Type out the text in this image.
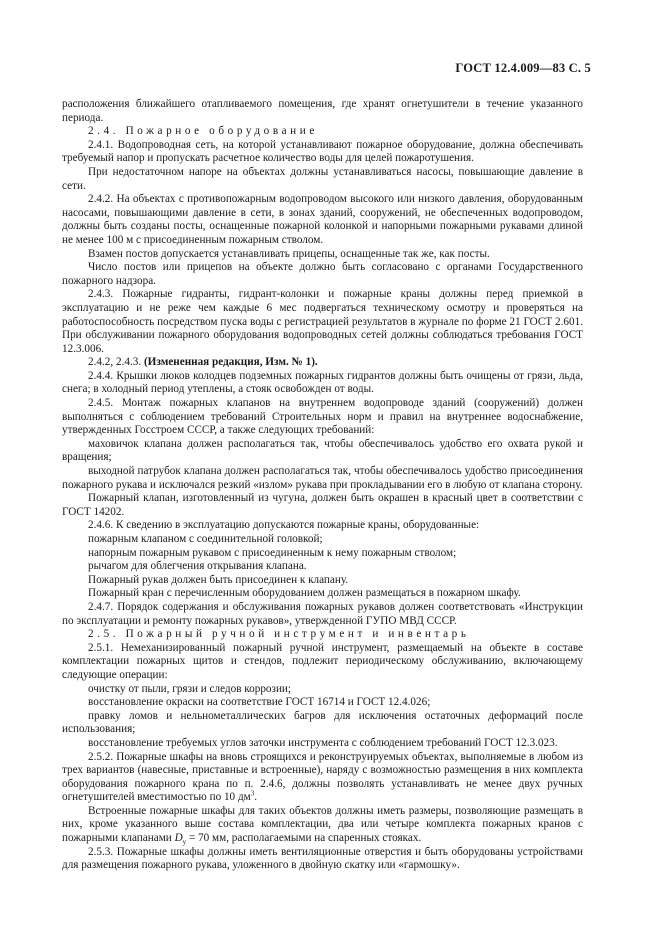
ГОСТ 12.4.009—83 С. 5

расположения ближайшего отапливаемого помещения, где хранят огнетушители в течение указанного периода.

2.4. Пожарное оборудование

2.4.1. Водопроводная сеть, на которой устанавливают пожарное оборудование, должна обеспечивать требуемый напор и пропускать расчетное количество воды для целей пожаротушения.

При недостаточном напоре на объектах должны устанавливаться насосы, повышающие давление в сети.

2.4.2. На объектах с противопожарным водопроводом высокого или низкого давления, оборудованным насосами, повышающими давление в сети, в зонах зданий, сооружений, не обеспеченных водопроводом, должны быть созданы посты, оснащенные пожарной колонкой и напорными пожарными рукавами длиной не менее 100 м с присоединенным пожарным стволом.

Взамен постов допускается устанавливать прицепы, оснащенные так же, как посты.

Число постов или прицепов на объекте должно быть согласовано с органами Государственного пожарного надзора.

2.4.3. Пожарные гидранты, гидрант-колонки и пожарные краны должны перед приемкой в эксплуатацию и не реже чем каждые 6 мес подвергаться техническому осмотру и проверяться на работоспособность посредством пуска воды с регистрацией результатов в журнале по форме 21 ГОСТ 2.601. При обслуживании пожарного оборудования водопроводных сетей должны соблюдаться требования ГОСТ 12.3.006.

2.4.2, 2.4.3. (Измененная редакция, Изм. № 1).

2.4.4. Крышки люков колодцев подземных пожарных гидрантов должны быть очищены от грязи, льда, снега; в холодный период утеплены, а стояк освобожден от воды.

2.4.5. Монтаж пожарных клапанов на внутреннем водопроводе зданий (сооружений) должен выполняться с соблюдением требований Строительных норм и правил на внутреннее водоснабжение, утвержденных Госстроем СССР, а также следующих требований:

маховичок клапана должен располагаться так, чтобы обеспечивалось удобство его охвата рукой и вращения;

выходной патрубок клапана должен располагаться так, чтобы обеспечивалось удобство присоединения пожарного рукава и исключался резкий «излом» рукава при прокладывании его в любую от клапана сторону.

Пожарный клапан, изготовленный из чугуна, должен быть окрашен в красный цвет в соответствии с ГОСТ 14202.

2.4.6. К сведению в эксплуатацию допускаются пожарные краны, оборудованные:

пожарным клапаном с соединительной головкой;

напорным пожарным рукавом с присоединенным к нему пожарным стволом;

рычагом для облегчения открывания клапана.

Пожарный рукав должен быть присоединен к клапану.

Пожарный кран с перечисленным оборудованием должен размещаться в пожарном шкафу.

2.4.7. Порядок содержания и обслуживания пожарных рукавов должен соответствовать «Инструкции по эксплуатации и ремонту пожарных рукавов», утвержденной ГУПО МВД СССР.

2.5. Пожарный ручной инструмент и инвентарь

2.5.1. Немеханизированный пожарный ручной инструмент, размещаемый на объекте в составе комплектации пожарных щитов и стендов, подлежит периодическому обслуживанию, включающему следующие операции:

очистку от пыли, грязи и следов коррозии;

восстановление окраски на соответствие ГОСТ 16714 и ГОСТ 12.4.026;

правку ломов и нельнометаллических багров для исключения остаточных деформаций после использования;

восстановление требуемых углов заточки инструмента с соблюдением требований ГОСТ 12.3.023.

2.5.2. Пожарные шкафы на вновь строящихся и реконструируемых объектах, выполняемые в любом из трех вариантов (навесные, приставные и встроенные), наряду с возможностью размещения в них комплекта оборудования пожарного крана по п. 2.4.6, должны позволять устанавливать не менее двух ручных огнетушителей вместимостью по 10 $дм^3$.

Встроенные пожарные шкафы для таких объектов должны иметь размеры, позволяющие размещать в них, кроме указанного выше состава комплектации, два или четыре комплекта пожарных кранов с пожарными клапанами $D_y = 70$ мм, располагаемыми на спаренных стояках.

2.5.3. Пожарные шкафы должны иметь вентиляционные отверстия и быть оборудованы устройствами для размещения пожарного рукава, уложенного в двойную скатку или «гармошку».
